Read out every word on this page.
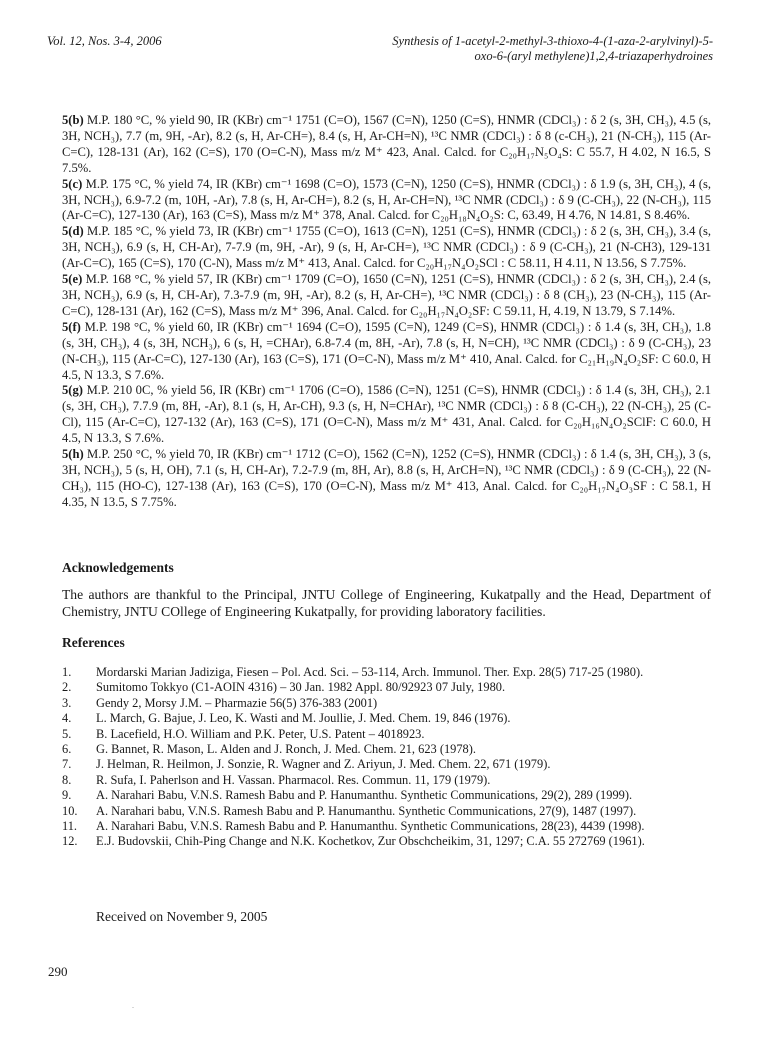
Vol. 12, Nos. 3-4, 2006	Synthesis of 1-acetyl-2-methyl-3-thioxo-4-(1-aza-2-arylvinyl)-5-
oxo-6-(aryl methylene)1,2,4-triazaperhydroines

5(b) M.P. 180 °C, % yield 90, IR (KBr) cm⁻¹ 1751 (C=O), 1567 (C=N), 1250 (C=S), HNMR (CDCl₃) : δ 2 (s, 3H, CH₃), 4.5 (s, 3H, NCH₃), 7.7 (m, 9H, -Ar), 8.2 (s, H, Ar-CH=), 8.4 (s, H, Ar-CH=N), ¹³C NMR (CDCl₃) : δ 8 (c-CH₃), 21 (N-CH₃), 115 (Ar-C=C), 128-131 (Ar), 162 (C=S), 170 (O=C-N), Mass m/z M⁺ 423, Anal. Calcd. for C₂₀H₁₇N₅O₄S: C 55.7, H 4.02, N 16.5, S 7.5%.

5(c) M.P. 175 °C, % yield 74, IR (KBr) cm⁻¹ 1698 (C=O), 1573 (C=N), 1250 (C=S), HNMR (CDCl₃) : δ 1.9 (s, 3H, CH₃), 4 (s, 3H, NCH₃), 6.9-7.2 (m, 10H, -Ar), 7.8 (s, H, Ar-CH=), 8.2 (s, H, Ar-CH=N), ¹³C NMR (CDCl₃) : δ 9 (C-CH₃), 22 (N-CH₃), 115 (Ar-C=C), 127-130 (Ar), 163 (C=S), Mass m/z M⁺ 378, Anal. Calcd. for C₂₀H₁₈N₄O₂S: C, 63.49, H 4.76, N 14.81, S 8.46%.

5(d) M.P. 185 °C, % yield 73, IR (KBr) cm⁻¹ 1755 (C=O), 1613 (C=N), 1251 (C=S), HNMR (CDCl₃) : δ 2 (s, 3H, CH₃), 3.4 (s, 3H, NCH₃), 6.9 (s, H, CH-Ar), 7-7.9 (m, 9H, -Ar), 9 (s, H, Ar-CH=), ¹³C NMR (CDCl₃) : δ 9 (C-CH₃), 21 (N-CH3), 129-131 (Ar-C=C), 165 (C=S), 170 (C-N), Mass m/z M⁺ 413, Anal. Calcd. for C₂₀H₁₇N₄O₂SCl : C 58.11, H 4.11, N 13.56, S 7.75%.

5(e) M.P. 168 °C, % yield 57, IR (KBr) cm⁻¹ 1709 (C=O), 1650 (C=N), 1251 (C=S), HNMR (CDCl₃) : δ 2 (s, 3H, CH₃), 2.4 (s, 3H, NCH₃), 6.9 (s, H, CH-Ar), 7.3-7.9 (m, 9H, -Ar), 8.2 (s, H, Ar-CH=), ¹³C NMR (CDCl₃) : δ 8 (CH₃), 23 (N-CH₃), 115 (Ar-C=C), 128-131 (Ar), 162 (C=S), Mass m/z M⁺ 396, Anal. Calcd. for C₂₀H₁₇N₄O₂SF: C 59.11, H, 4.19, N 13.79, S 7.14%.

5(f) M.P. 198 °C, % yield 60, IR (KBr) cm⁻¹ 1694 (C=O), 1595 (C=N), 1249 (C=S), HNMR (CDCl₃) : δ 1.4 (s, 3H, CH₃), 1.8 (s, 3H, CH₃), 4 (s, 3H, NCH₃), 6 (s, H, =CHAr), 6.8-7.4 (m, 8H, -Ar), 7.8 (s, H, N=CH), ¹³C NMR (CDCl₃) : δ 9 (C-CH₃), 23 (N-CH₃), 115 (Ar-C=C), 127-130 (Ar), 163 (C=S), 171 (O=C-N), Mass m/z M⁺ 410, Anal. Calcd. for C₂₁H₁₉N₄O₂SF: C 60.0, H 4.5, N 13.3, S 7.6%.

5(g) M.P. 210 0C, % yield 56, IR (KBr) cm⁻¹ 1706 (C=O), 1586 (C=N), 1251 (C=S), HNMR (CDCl₃) : δ 1.4 (s, 3H, CH₃), 2.1 (s, 3H, CH₃), 7.7.9 (m, 8H, -Ar), 8.1 (s, H, Ar-CH), 9.3 (s, H, N=CHAr), ¹³C NMR (CDCl₃) : δ 8 (C-CH₃), 22 (N-CH₃), 25 (C-Cl), 115 (Ar-C=C), 127-132 (Ar), 163 (C=S), 171 (O=C-N), Mass m/z M⁺ 431, Anal. Calcd. for C₂₀H₁₆N₄O₂SClF: C 60.0, H 4.5, N 13.3, S 7.6%.

5(h) M.P. 250 °C, % yield 70, IR (KBr) cm⁻¹ 1712 (C=O), 1562 (C=N), 1252 (C=S), HNMR (CDCl₃) : δ 1.4 (s, 3H, CH₃), 3 (s, 3H, NCH₃), 5 (s, H, OH), 7.1 (s, H, CH-Ar), 7.2-7.9 (m, 8H, Ar), 8.8 (s, H, ArCH=N), ¹³C NMR (CDCl₃) : δ 9 (C-CH₃), 22 (N-CH₃), 115 (HO-C), 127-138 (Ar), 163 (C=S), 170 (O=C-N), Mass m/z M⁺ 413, Anal. Calcd. for C₂₀H₁₇N₄O₃SF : C 58.1, H 4.35, N 13.5, S 7.75%.

Acknowledgements
The authors are thankful to the Principal, JNTU College of Engineering, Kukatpally and the Head, Department of Chemistry, JNTU COllege of Engineering Kukatpally, for providing laboratory facilities.
References
1.	Mordarski Marian Jadiziga, Fiesen – Pol. Acd. Sci. – 53-114, Arch. Immunol. Ther. Exp. 28(5) 717-25 (1980).
2.	Sumitomo Tokkyo (C1-AOIN 4316) – 30 Jan. 1982 Appl. 80/92923 07 July, 1980.
3.	Gendy 2, Morsy J.M. – Pharmazie 56(5) 376-383 (2001)
4.	L. March, G. Bajue, J. Leo, K. Wasti and M. Joullie, J. Med. Chem. 19, 846 (1976).
5.	B. Lacefield, H.O. William and P.K. Peter, U.S. Patent – 4018923.
6.	G. Bannet, R. Mason, L. Alden and J. Ronch, J. Med. Chem. 21, 623 (1978).
7.	J. Helman, R. Heilmon, J. Sonzie, R. Wagner and Z. Ariyun, J. Med. Chem. 22, 671 (1979).
8.	R. Sufa, I. Paherlson and H. Vassan. Pharmacol. Res. Commun. 11, 179 (1979).
9.	A. Narahari Babu, V.N.S. Ramesh Babu and P. Hanumanthu. Synthetic Communications, 29(2), 289 (1999).
10.	A. Narahari babu, V.N.S. Ramesh Babu and P. Hanumanthu. Synthetic Communications, 27(9), 1487 (1997).
11.	A. Narahari Babu, V.N.S. Ramesh Babu and P. Hanumanthu. Synthetic Communications, 28(23), 4439 (1998).
12.	E.J. Budovskii, Chih-Ping Change and N.K. Kochetkov, Zur Obschcheikim, 31, 1297; C.A. 55 272769 (1961).
Received on November 9, 2005
290
.
